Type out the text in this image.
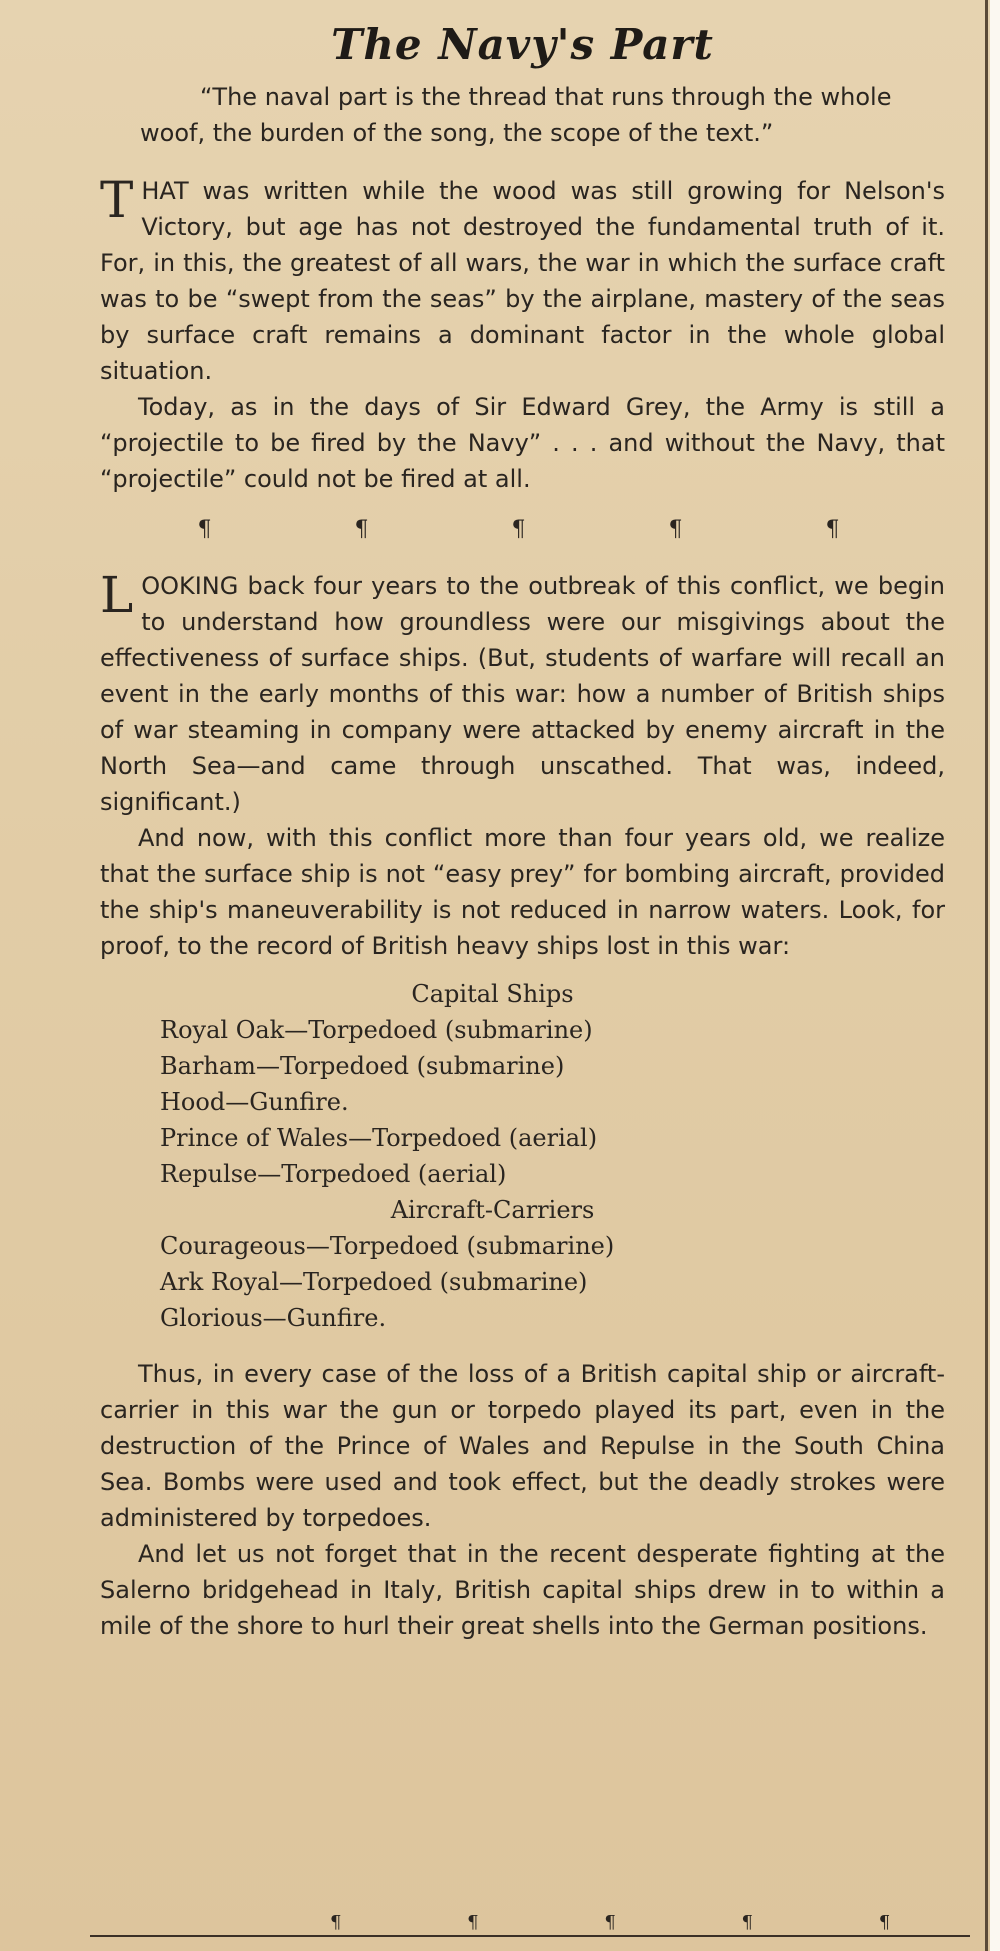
The Navy's Part
“The naval part is the thread that runs through the whole woof, the burden of the song, the scope of the text.”

T HAT was written while the wood was still growing for Nelson's Victory, but age has not destroyed the fundamental truth of it. For, in this, the greatest of all wars, the war in which the surface craft was to be “swept from the seas” by the airplane, mastery of the seas by surface craft remains a dominant factor in the whole global situation.

Today, as in the days of Sir Edward Grey, the Army is still a “projectile to be fired by the Navy” . . . and without the Navy, that “projectile” could not be fired at all.

¶ ¶ ¶ ¶ ¶

L OOKING back four years to the outbreak of this conflict, we begin to understand how groundless were our misgivings about the effectiveness of surface ships. (But, students of warfare will recall an event in the early months of this war: how a number of British ships of war steaming in company were attacked by enemy aircraft in the North Sea—and came through unscathed. That was, indeed, significant.)

And now, with this conflict more than four years old, we realize that the surface ship is not “easy prey” for bombing aircraft, provided the ship's maneuverability is not reduced in narrow waters. Look, for proof, to the record of British heavy ships lost in this war:

Capital Ships
Royal Oak—Torpedoed (submarine)
Barham—Torpedoed (submarine)
Hood—Gunfire.
Prince of Wales—Torpedoed (aerial)
Repulse—Torpedoed (aerial)
Aircraft-Carriers
Courageous—Torpedoed (submarine)
Ark Royal—Torpedoed (submarine)
Glorious—Gunfire.

Thus, in every case of the loss of a British capital ship or aircraft-carrier in this war the gun or torpedo played its part, even in the destruction of the Prince of Wales and Repulse in the South China Sea. Bombs were used and took effect, but the deadly strokes were administered by torpedoes.

And let us not forget that in the recent desperate fighting at the Salerno bridgehead in Italy, British capital ships drew in to within a mile of the shore to hurl their great shells into the German positions.

¶ ¶ ¶ ¶ ¶
